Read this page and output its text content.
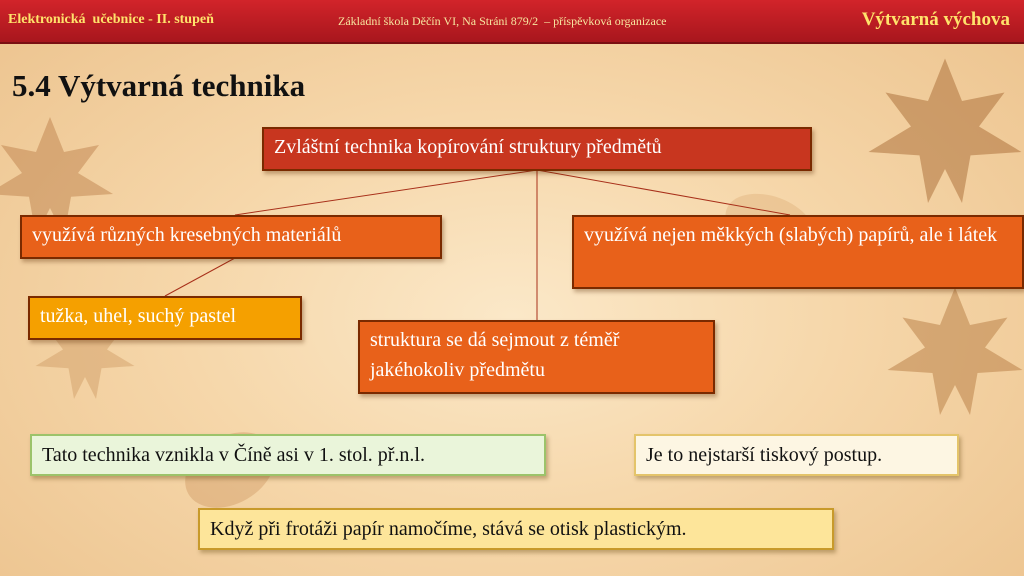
Elektronická  učebnice - II. stupeň	Základní škola Děčín VI, Na Stráni 879/2  – příspěvková organizace	Výtvarná výchova
5.4 Výtvarná technika
Zvláštní technika kopírování struktury předmětů
využívá různých kresebných materiálů	využívá nejen měkkých (slabých) papírů, ale i látek
tužka, uhel, suchý pastel
struktura se dá sejmout z téměř jakéhokoliv předmětu
Tato technika vznikla v Číně asi v 1. stol. př.n.l.	Je to nejstarší tiskový postup.
Když při frotáži papír namočíme, stává se otisk plastickým.
